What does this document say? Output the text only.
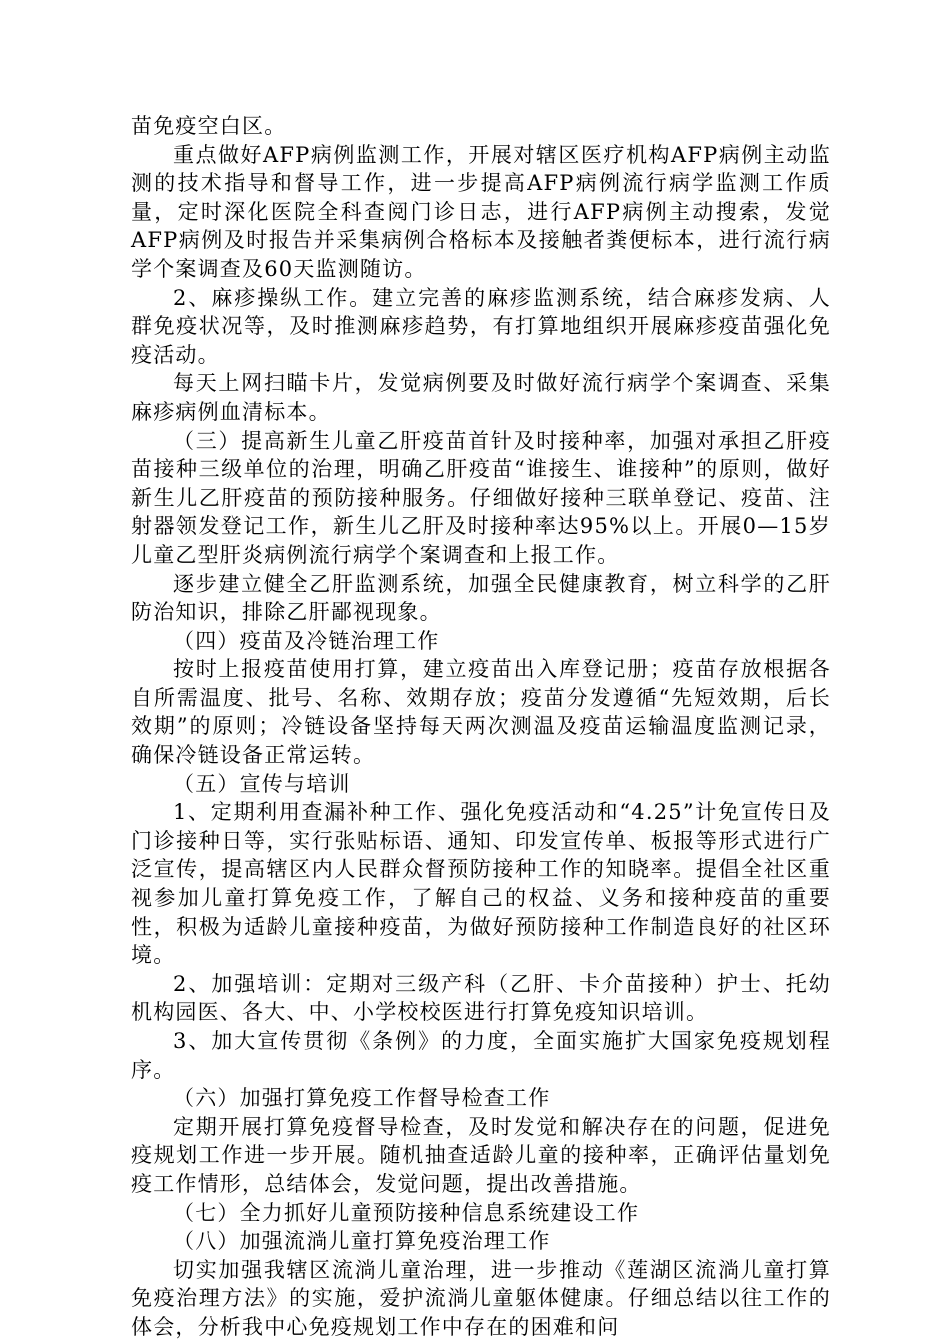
苗免疫空白区。

重点做好AFP病例监测工作，开展对辖区医疗机构AFP病例主动监测的技术指导和督导工作，进一步提高AFP病例流行病学监测工作质量，定时深化医院全科查阅门诊日志，进行AFP病例主动搜索，发觉AFP病例及时报告并采集病例合格标本及接触者粪便标本，进行流行病学个案调查及60天监测随访。

2、麻疹操纵工作。建立完善的麻疹监测系统，结合麻疹发病、人群免疫状况等，及时推测麻疹趋势，有打算地组织开展麻疹疫苗强化免疫活动。

每天上网扫瞄卡片，发觉病例要及时做好流行病学个案调查、采集麻疹病例血清标本。

（三）提高新生儿童乙肝疫苗首针及时接种率，加强对承担乙肝疫苗接种三级单位的治理，明确乙肝疫苗“谁接生、谁接种”的原则，做好新生儿乙肝疫苗的预防接种服务。仔细做好接种三联单登记、疫苗、注射器领发登记工作，新生儿乙肝及时接种率达95%以上。开展0—15岁儿童乙型肝炎病例流行病学个案调查和上报工作。

逐步建立健全乙肝监测系统，加强全民健康教育，树立科学的乙肝防治知识，排除乙肝鄙视现象。

（四）疫苗及冷链治理工作

按时上报疫苗使用打算，建立疫苗出入库登记册；疫苗存放根据各自所需温度、批号、名称、效期存放；疫苗分发遵循“先短效期，后长效期”的原则；冷链设备坚持每天两次测温及疫苗运输温度监测记录，确保冷链设备正常运转。

（五）宣传与培训

1、定期利用查漏补种工作、强化免疫活动和“4.25”计免宣传日及门诊接种日等，实行张贴标语、通知、印发宣传单、板报等形式进行广泛宣传，提高辖区内人民群众督预防接种工作的知晓率。提倡全社区重视参加儿童打算免疫工作，了解自己的权益、义务和接种疫苗的重要性，积极为适龄儿童接种疫苗，为做好预防接种工作制造良好的社区环境。

2、加强培训：定期对三级产科（乙肝、卡介苗接种）护士、托幼机构园医、各大、中、小学校校医进行打算免疫知识培训。

3、加大宣传贯彻《条例》的力度，全面实施扩大国家免疫规划程序。

（六）加强打算免疫工作督导检查工作

定期开展打算免疫督导检查，及时发觉和解决存在的问题，促进免疫规划工作进一步开展。随机抽查适龄儿童的接种率，正确评估量划免疫工作情形，总结体会，发觉问题，提出改善措施。

（七）全力抓好儿童预防接种信息系统建设工作

（八）加强流淌儿童打算免疫治理工作

切实加强我辖区流淌儿童治理，进一步推动《莲湖区流淌儿童打算免疫治理方法》的实施，爱护流淌儿童躯体健康。仔细总结以往工作的体会，分析我中心免疫规划工作中存在的困难和问
